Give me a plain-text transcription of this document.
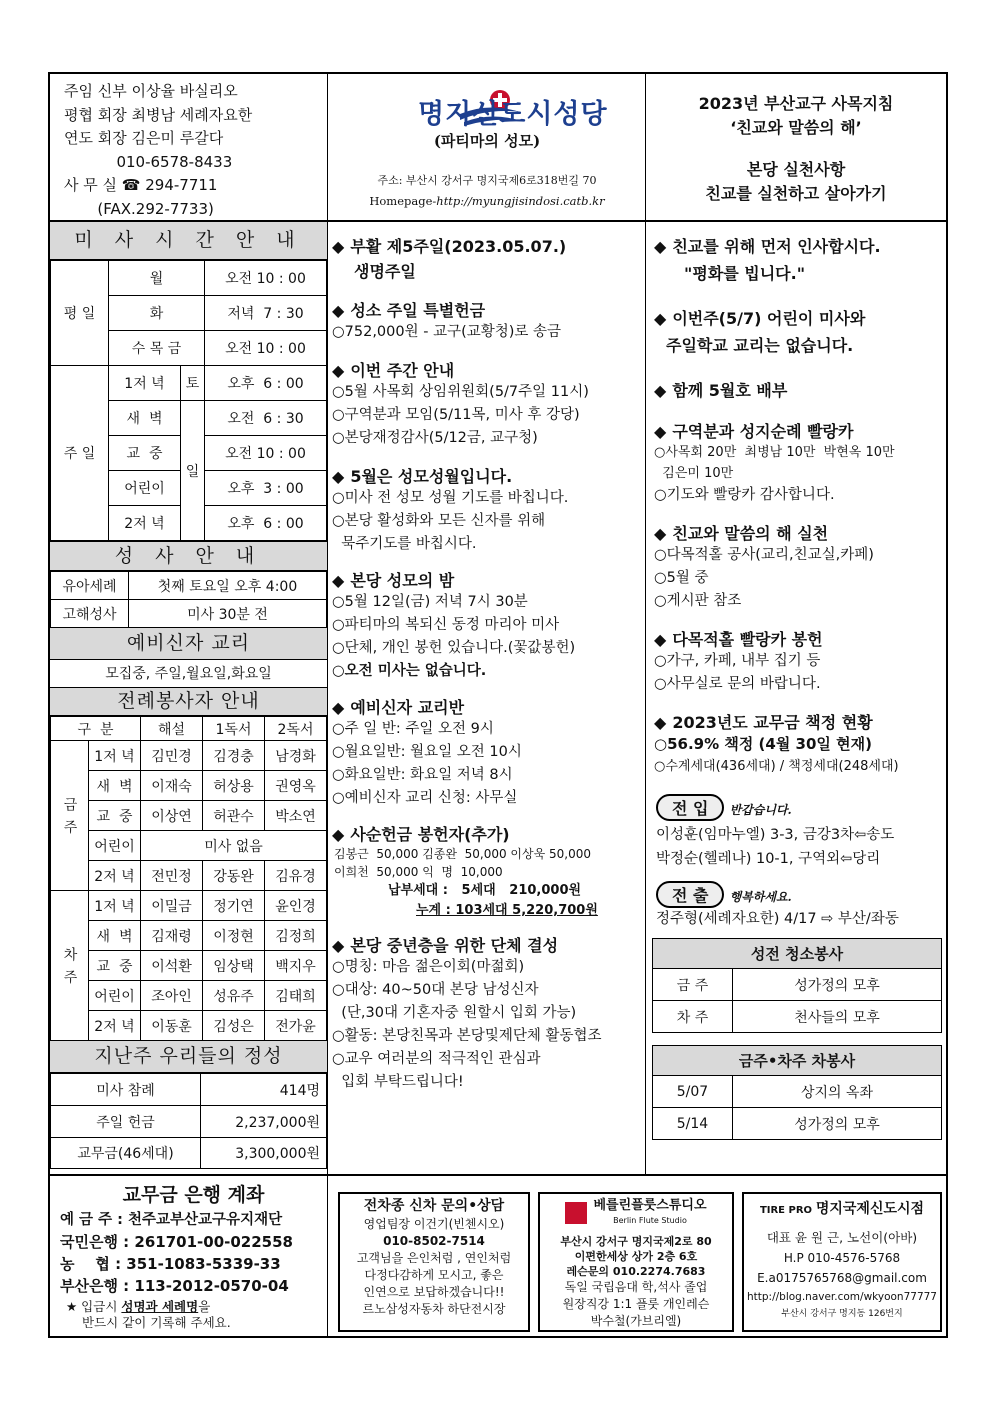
주임 신부 이상율 바실리오
평협 회장 최병남 세례자요한
연도 회장 김은미 루갈다
010-6578-8433
사 무 실 ☎ 294-7711
(FAX.292-7733)
명지신도시성당
(파티마의 성모)
주소: 부산시 강서구 명지국제6로318번길 70
Homepage-http://myungjisindosi.catb.kr
2023년 부산교구 사목지침
‘친교와 말씀의 해’
본당 실천사항
친교를 실천하고 살아가기
미 사 시 간 안 내
평 일	월		오전 10 : 00
	화		저녁  7 : 30
	수 목 금		오전 10 : 00
주 일	1저 녁	토	오후  6 : 00
	새  벽	일	오전  6 : 30
	교  중		오전 10 : 00
	어린이		오후  3 : 00
	2저 녁		오후  6 : 00
성 사 안 내
유아세례	첫째 토요일 오후 4:00
고해성사	미사 30분 전
예비신자 교리
모집중, 주일,월요일,화요일
전례봉사자 안내
구  분		해설	1독서	2독서
금  주	1저 녁	김민경	김경충	남경화
	새  벽	이재숙	허상용	권영옥
	교  중	이상연	허관수	박소연
	어린이	미사 없음		
	2저 녁	전민정	강동완	김유경
차  주	1저 녁	이밀금	정기연	윤인경
	새  벽	김재령	이정현	김정희
	교  중	이석환	임상택	백지우
	어린이	조아인	성유주	김태희
	2저 녁	이동훈	김성은	전가윤
지난주 우리들의 정성
미사 참례	414명
주일 헌금	2,237,000원
교무금(46세대)	3,300,000원
◆ 부활 제5주일(2023.05.07.)
생명주일
◆ 성소 주일 특별헌금
○752,000원 - 교구(교황청)로 송금
◆ 이번 주간 안내
○5월 사목회 상임위원회(5/7주일 11시)
○구역분과 모임(5/11목, 미사 후 강당)
○본당재정감사(5/12금, 교구청)
◆ 5월은 성모성월입니다.
○미사 전 성모 성월 기도를 바칩니다.
○본당 활성화와 모든 신자를 위해
묵주기도를 바칩시다.
◆ 본당 성모의 밤
○5월 12일(금) 저녁 7시 30분
○파티마의 복되신 동정 마리아 미사
○단체, 개인 봉헌 있습니다.(꽃값봉헌)
○오전 미사는 없습니다.
◆ 예비신자 교리반
○주 일 반: 주일 오전 9시
○월요일반: 월요일 오전 10시
○화요일반: 화요일 저녁 8시
○예비신자 교리 신청: 사무실
◆ 사순헌금 봉헌자(추가)
김봉근  50,000 김종완  50,000 이상욱 50,000
이희천  50,000 익  명  10,000
납부세대 :   5세대   210,000원
누계 : 103세대 5,220,700원
◆ 본당 중년층을 위한 단체 결성
○명칭: 마음 젊은이회(마젊회)
○대상: 40~50대 본당 남성신자
(단,30대 기혼자중 원할시 입회 가능)
○활동: 본당친목과 본당및제단체 활동협조
○교우 여러분의 적극적인 관심과
입회 부탁드립니다!
◆ 친교를 위해 먼저 인사합시다.
"평화를 빕니다."
◆ 이번주(5/7) 어린이 미사와
주일학교 교리는 없습니다.
◆ 함께 5월호 배부
◆ 구역분과 성지순례 빨랑카
○사목회 20만  최병남 10만  박현옥 10만
김은미 10만
○기도와 빨랑카 감사합니다.
◆ 친교와 말씀의 해 실천
○다목적홀 공사(교리,친교실,카페)
○5월 중
○게시판 참조
◆ 다목적홀 빨랑카 봉헌
○가구, 카페, 내부 집기 등
○사무실로 문의 바랍니다.
◆ 2023년도 교무금 책정 현황
○56.9% 책정 (4월 30일 현재)
○수계세대(436세대) / 책정세대(248세대)
전 입 반갑습니다.
이성훈(임마누엘) 3-3, 금강3차⇦송도
박정순(헬레나) 10-1, 구역외⇦당리
전 출 행복하세요.
정주형(세례자요한) 4/17 ⇨ 부산/좌동
성전 청소봉사	
금 주	성가정의 모후
차 주	천사들의 모후
금주•차주 차봉사	
5/07	상지의 옥좌
5/14	성가정의 모후
교무금 은행 계좌
예 금 주 : 천주교부산교구유지재단
국민은행 : 261701-00-022558
농    협 : 351-1083-5339-33
부산은행 : 113-2012-0570-04
★ 입금시 성명과 세례명을
반드시 같이 기록해 주세요.
전차종 신차 문의•상담
영업팀장 이건기(빈첸시오)
010-8502-7514
고객님을 은인처럼 , 연인처럼
다정다감하게 모시고, 좋은
인연으로 보답하겠습니다!!
르노삼성자동차 하단전시장
베를린플룻스튜디오
Berlin Flute Studio
부산시 강서구 명지국제2로 80
이편한세상 상가 2층 6호
레슨문의 010.2274.7683
독일 국립음대 학,석사 졸업
원장직강 1:1 플룻 개인레슨
박수철(가브리엘)
TIRE PRO 명지국제신도시점
대표 윤 원 근, 노선이(아바)
H.P 010-4576-5768
E.a0175765768@gmail.com
http://blog.naver.com/wkyoon77777
부산시 강서구 명지동 126번지
